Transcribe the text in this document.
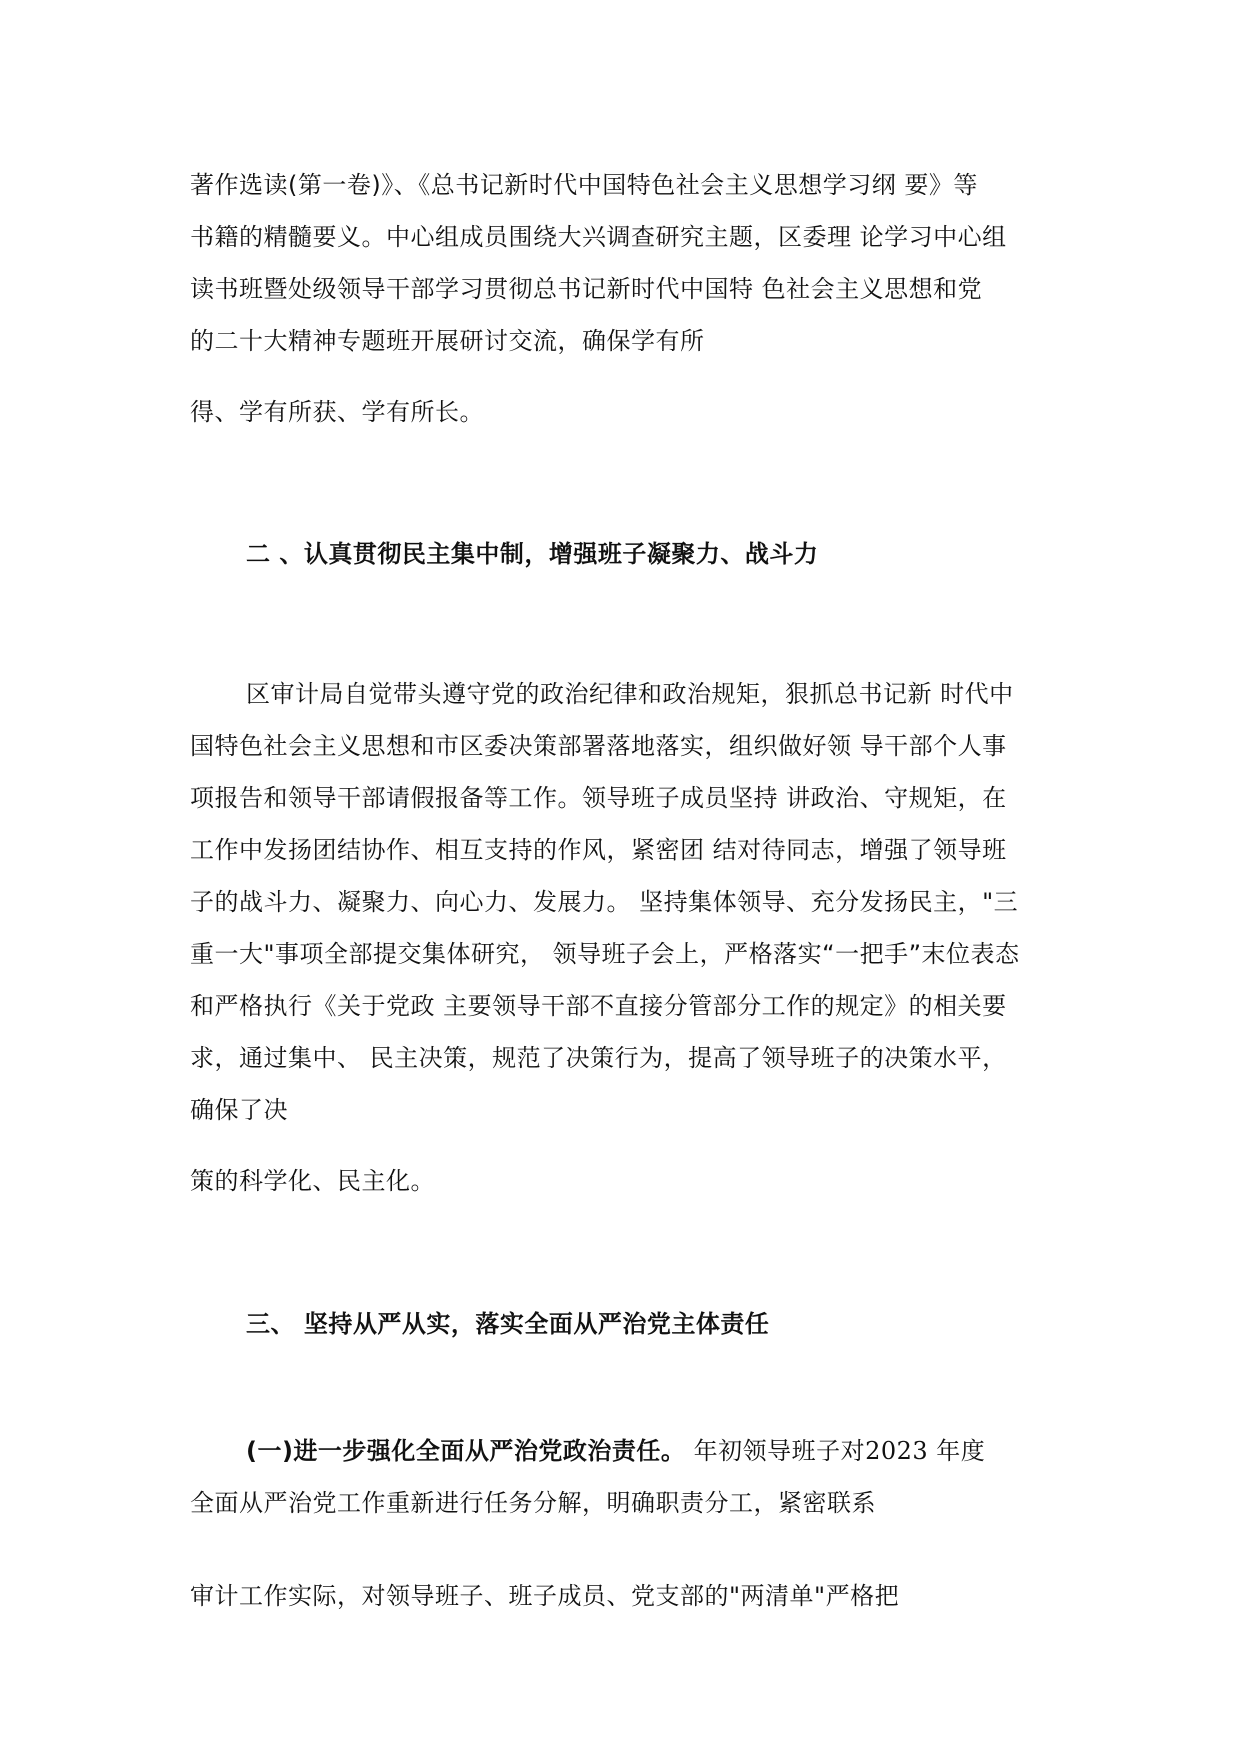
著作选读(第一卷)》、《总书记新时代中国特色社会主义思想学习纲 要》等
书籍的精髓要义。中心组成员围绕大兴调查研究主题，区委理 论学习中心组
读书班暨处级领导干部学习贯彻总书记新时代中国特 色社会主义思想和党
的二十大精神专题班开展研讨交流，确保学有所
得、学有所获、学有所长。
二 、认真贯彻民主集中制，增强班子凝聚力、战斗力
区审计局自觉带头遵守党的政治纪律和政治规矩，狠抓总书记新 时代中
国特色社会主义思想和市区委决策部署落地落实，组织做好领 导干部个人事
项报告和领导干部请假报备等工作。领导班子成员坚持 讲政治、守规矩，在
工作中发扬团结协作、相互支持的作风，紧密团 结对待同志，增强了领导班
子的战斗力、凝聚力、向心力、发展力。 坚持集体领导、充分发扬民主，"三
重一大"事项全部提交集体研究， 领导班子会上，严格落实“一把手”末位表态
和严格执行《关于党政 主要领导干部不直接分管部分工作的规定》的相关要
求，通过集中、 民主决策，规范了决策行为，提高了领导班子的决策水平，
确保了决
策的科学化、民主化。
三、 坚持从严从实，落实全面从严治党主体责任
(一)进一步强化全面从严治党政治责任。 年初领导班子对2023 年度
全面从严治党工作重新进行任务分解，明确职责分工，紧密联系
审计工作实际，对领导班子、班子成员、党支部的"两清单"严格把
